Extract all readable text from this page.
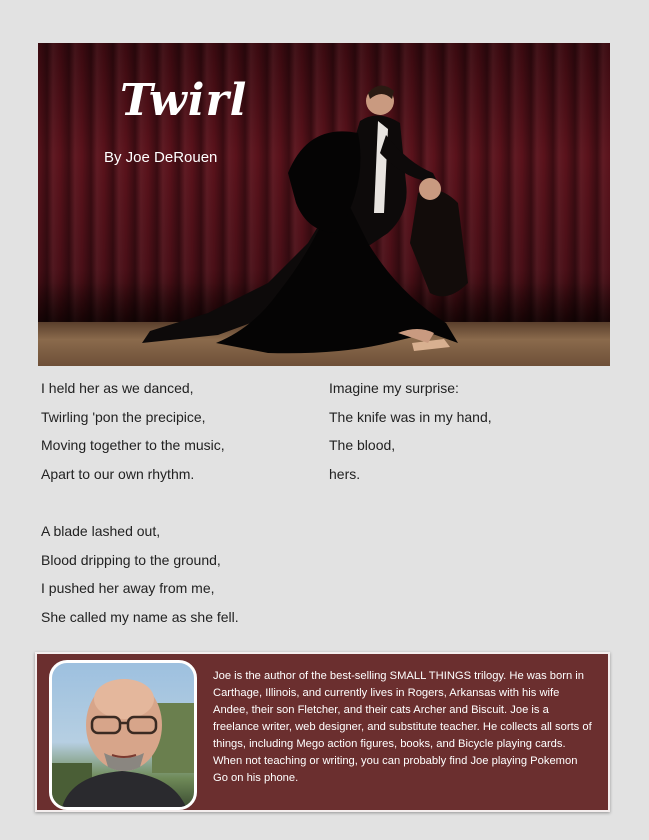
Twirl
By Joe DeRouen
I held her as we danced,
Twirling 'pon the precipice,
Moving together to the music,
Apart to our own rhythm.

A blade lashed out,
Blood dripping to the ground,
I pushed her away from me,
She called my name as she fell.
Imagine my surprise:
The knife was in my hand,
The blood,
hers.
Joe is the author of the best-selling SMALL THINGS trilogy. He was born in Carthage, Illinois, and currently lives in Rogers, Arkansas with his wife Andee, their son Fletcher, and their cats Archer and Biscuit. Joe is a freelance writer, web designer, and substitute teacher. He collects all sorts of things, including Mego action figures, books, and Bicycle playing cards. When not teaching or writing, you can probably find Joe playing Pokemon Go on his phone.
